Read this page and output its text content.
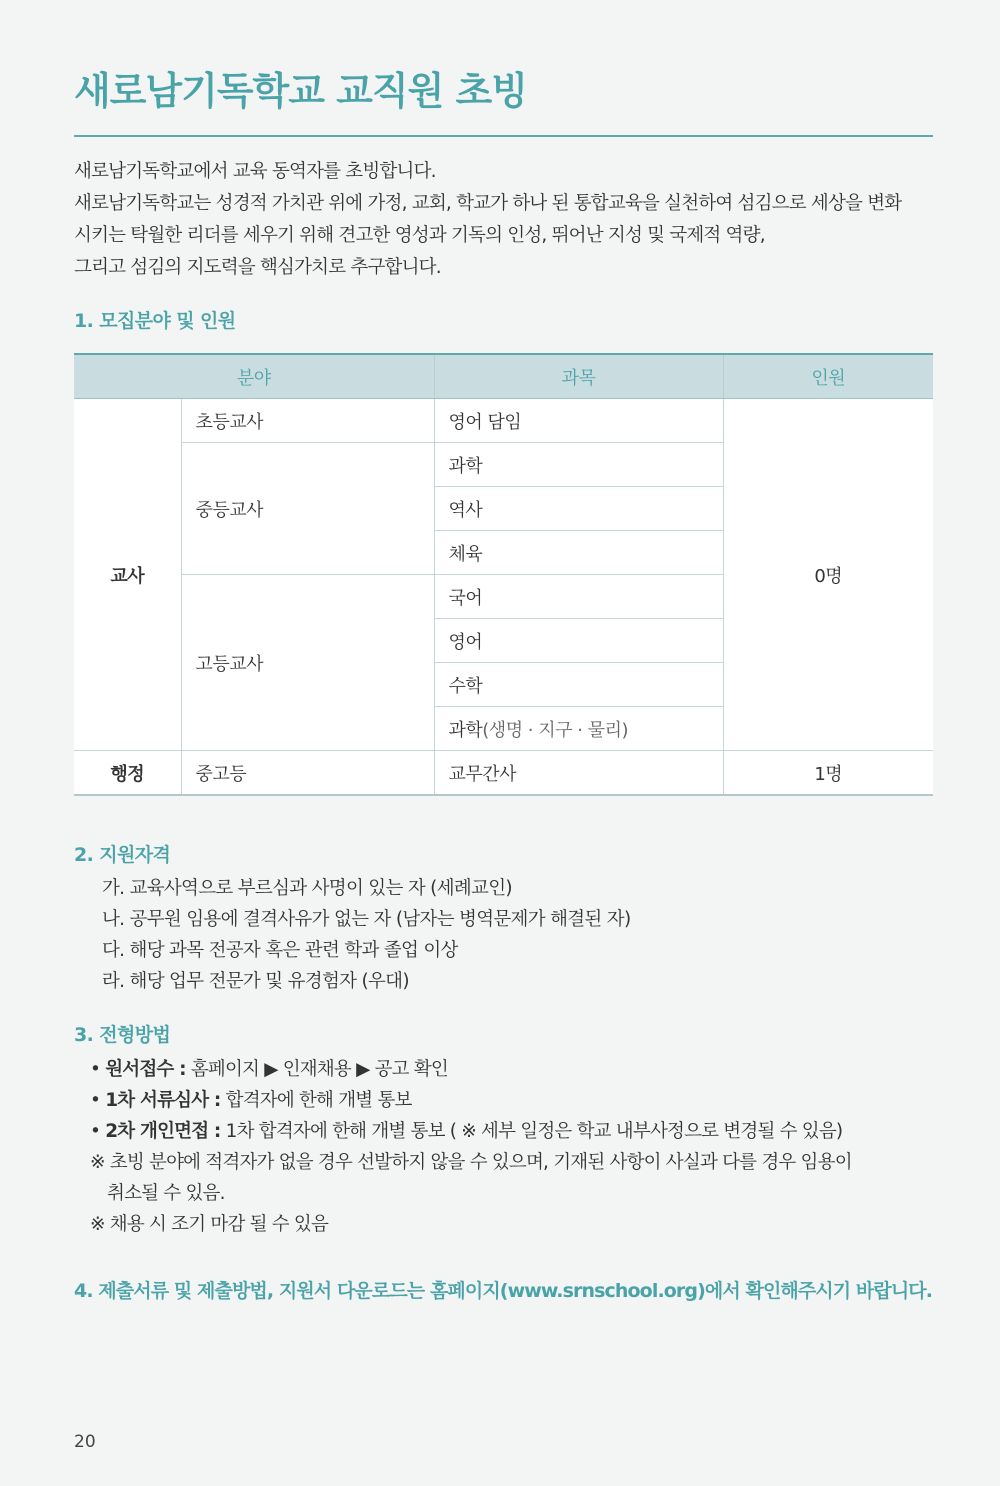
새로남기독학교 교직원 초빙
새로남기독학교에서 교육 동역자를 초빙합니다.
새로남기독학교는 성경적 가치관 위에 가정, 교회, 학교가 하나 된 통합교육을 실천하여 섬김으로 세상을 변화
시키는 탁월한 리더를 세우기 위해 견고한 영성과 기독의 인성, 뛰어난 지성 및 국제적 역량,
그리고 섬김의 지도력을 핵심가치로 추구합니다.
1. 모집분야 및 인원
분야		과목	인원
교사	초등교사	영어 담임	0명
	중등교사	과학	
		역사	
		체육	
	고등교사	국어	
		영어	
		수학	
		과학(생명 · 지구 · 물리)	
행정	중고등	교무간사	1명
2. 지원자격
가. 교육사역으로 부르심과 사명이 있는 자 (세례교인)
나. 공무원 임용에 결격사유가 없는 자 (남자는 병역문제가 해결된 자)
다. 해당 과목 전공자 혹은 관련 학과 졸업 이상
라. 해당 업무 전문가 및 유경험자 (우대)
3. 전형방법
• 원서접수 : 홈페이지 ▶ 인재채용 ▶ 공고 확인
• 1차 서류심사 : 합격자에 한해 개별 통보
• 2차 개인면접 : 1차 합격자에 한해 개별 통보 ( ※ 세부 일정은 학교 내부사정으로 변경될 수 있음)
※ 초빙 분야에 적격자가 없을 경우 선발하지 않을 수 있으며, 기재된 사항이 사실과 다를 경우 임용이
취소될 수 있음.
※ 채용 시 조기 마감 될 수 있음
4. 제출서류 및 제출방법, 지원서 다운로드는 홈페이지(www.srnschool.org)에서 확인해주시기 바랍니다.
20
